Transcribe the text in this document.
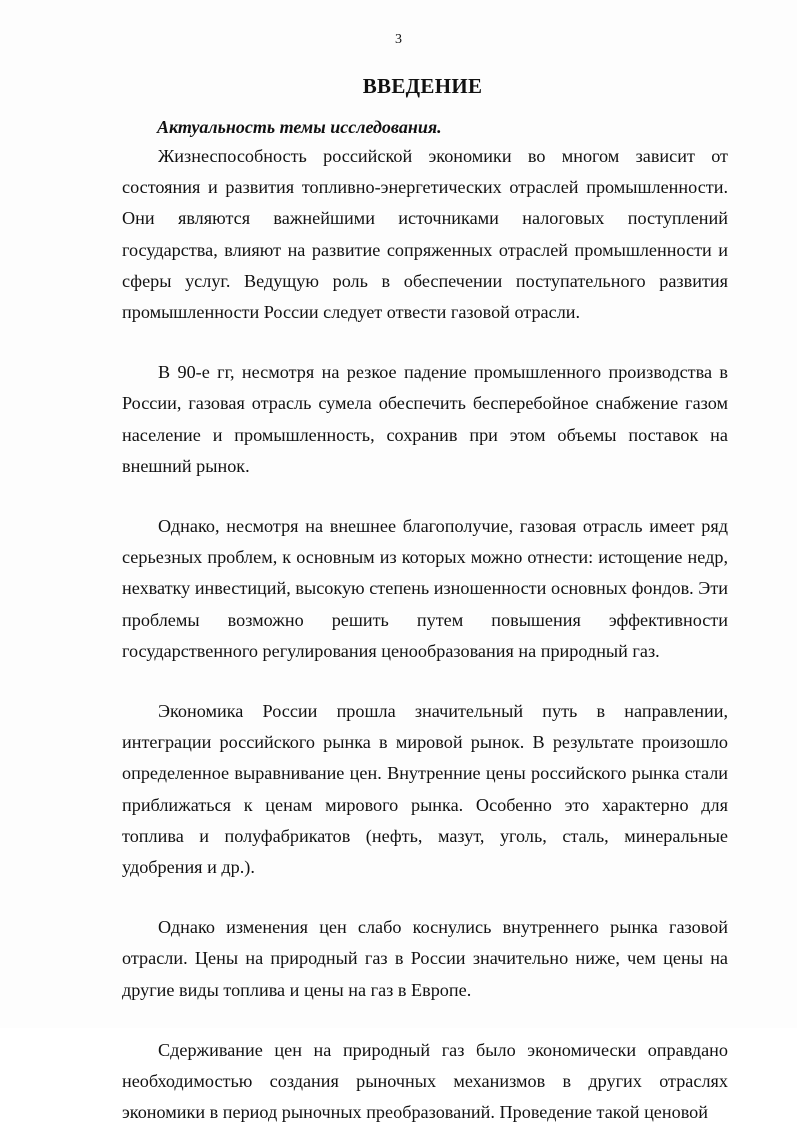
3
ВВЕДЕНИЕ
Актуальность темы исследования.

Жизнеспособность российской экономики во многом зависит от состояния и развития топливно-энергетических отраслей промышленности. Они являются важнейшими источниками налоговых поступлений государства, влияют на развитие сопряженных отраслей промышленности и сферы услуг. Ведущую роль в обеспечении поступательного развития промышленности России следует отвести газовой отрасли.

В 90-е гг, несмотря на резкое падение промышленного производства в России, газовая отрасль сумела обеспечить бесперебойное снабжение газом население и промышленность, сохранив при этом объемы поставок на внешний рынок.

Однако, несмотря на внешнее благополучие, газовая отрасль имеет ряд серьезных проблем, к основным из которых можно отнести: истощение недр, нехватку инвестиций, высокую степень изношенности основных фондов. Эти проблемы возможно решить путем повышения эффективности государственного регулирования ценообразования на природный газ.

Экономика России прошла значительный путь в направлении, интеграции российского рынка в мировой рынок. В результате произошло определенное выравнивание цен. Внутренние цены российского рынка стали приближаться к ценам мирового рынка. Особенно это характерно для топлива и полуфабрикатов (нефть, мазут, уголь, сталь, минеральные удобрения и др.).

Однако изменения цен слабо коснулись внутреннего рынка газовой отрасли. Цены на природный газ в России значительно ниже, чем цены на другие виды топлива и цены на газ в Европе.

Сдерживание цен на природный газ было экономически оправдано необходимостью создания рыночных механизмов в других отраслях экономики в период рыночных преобразований. Проведение такой ценовой
